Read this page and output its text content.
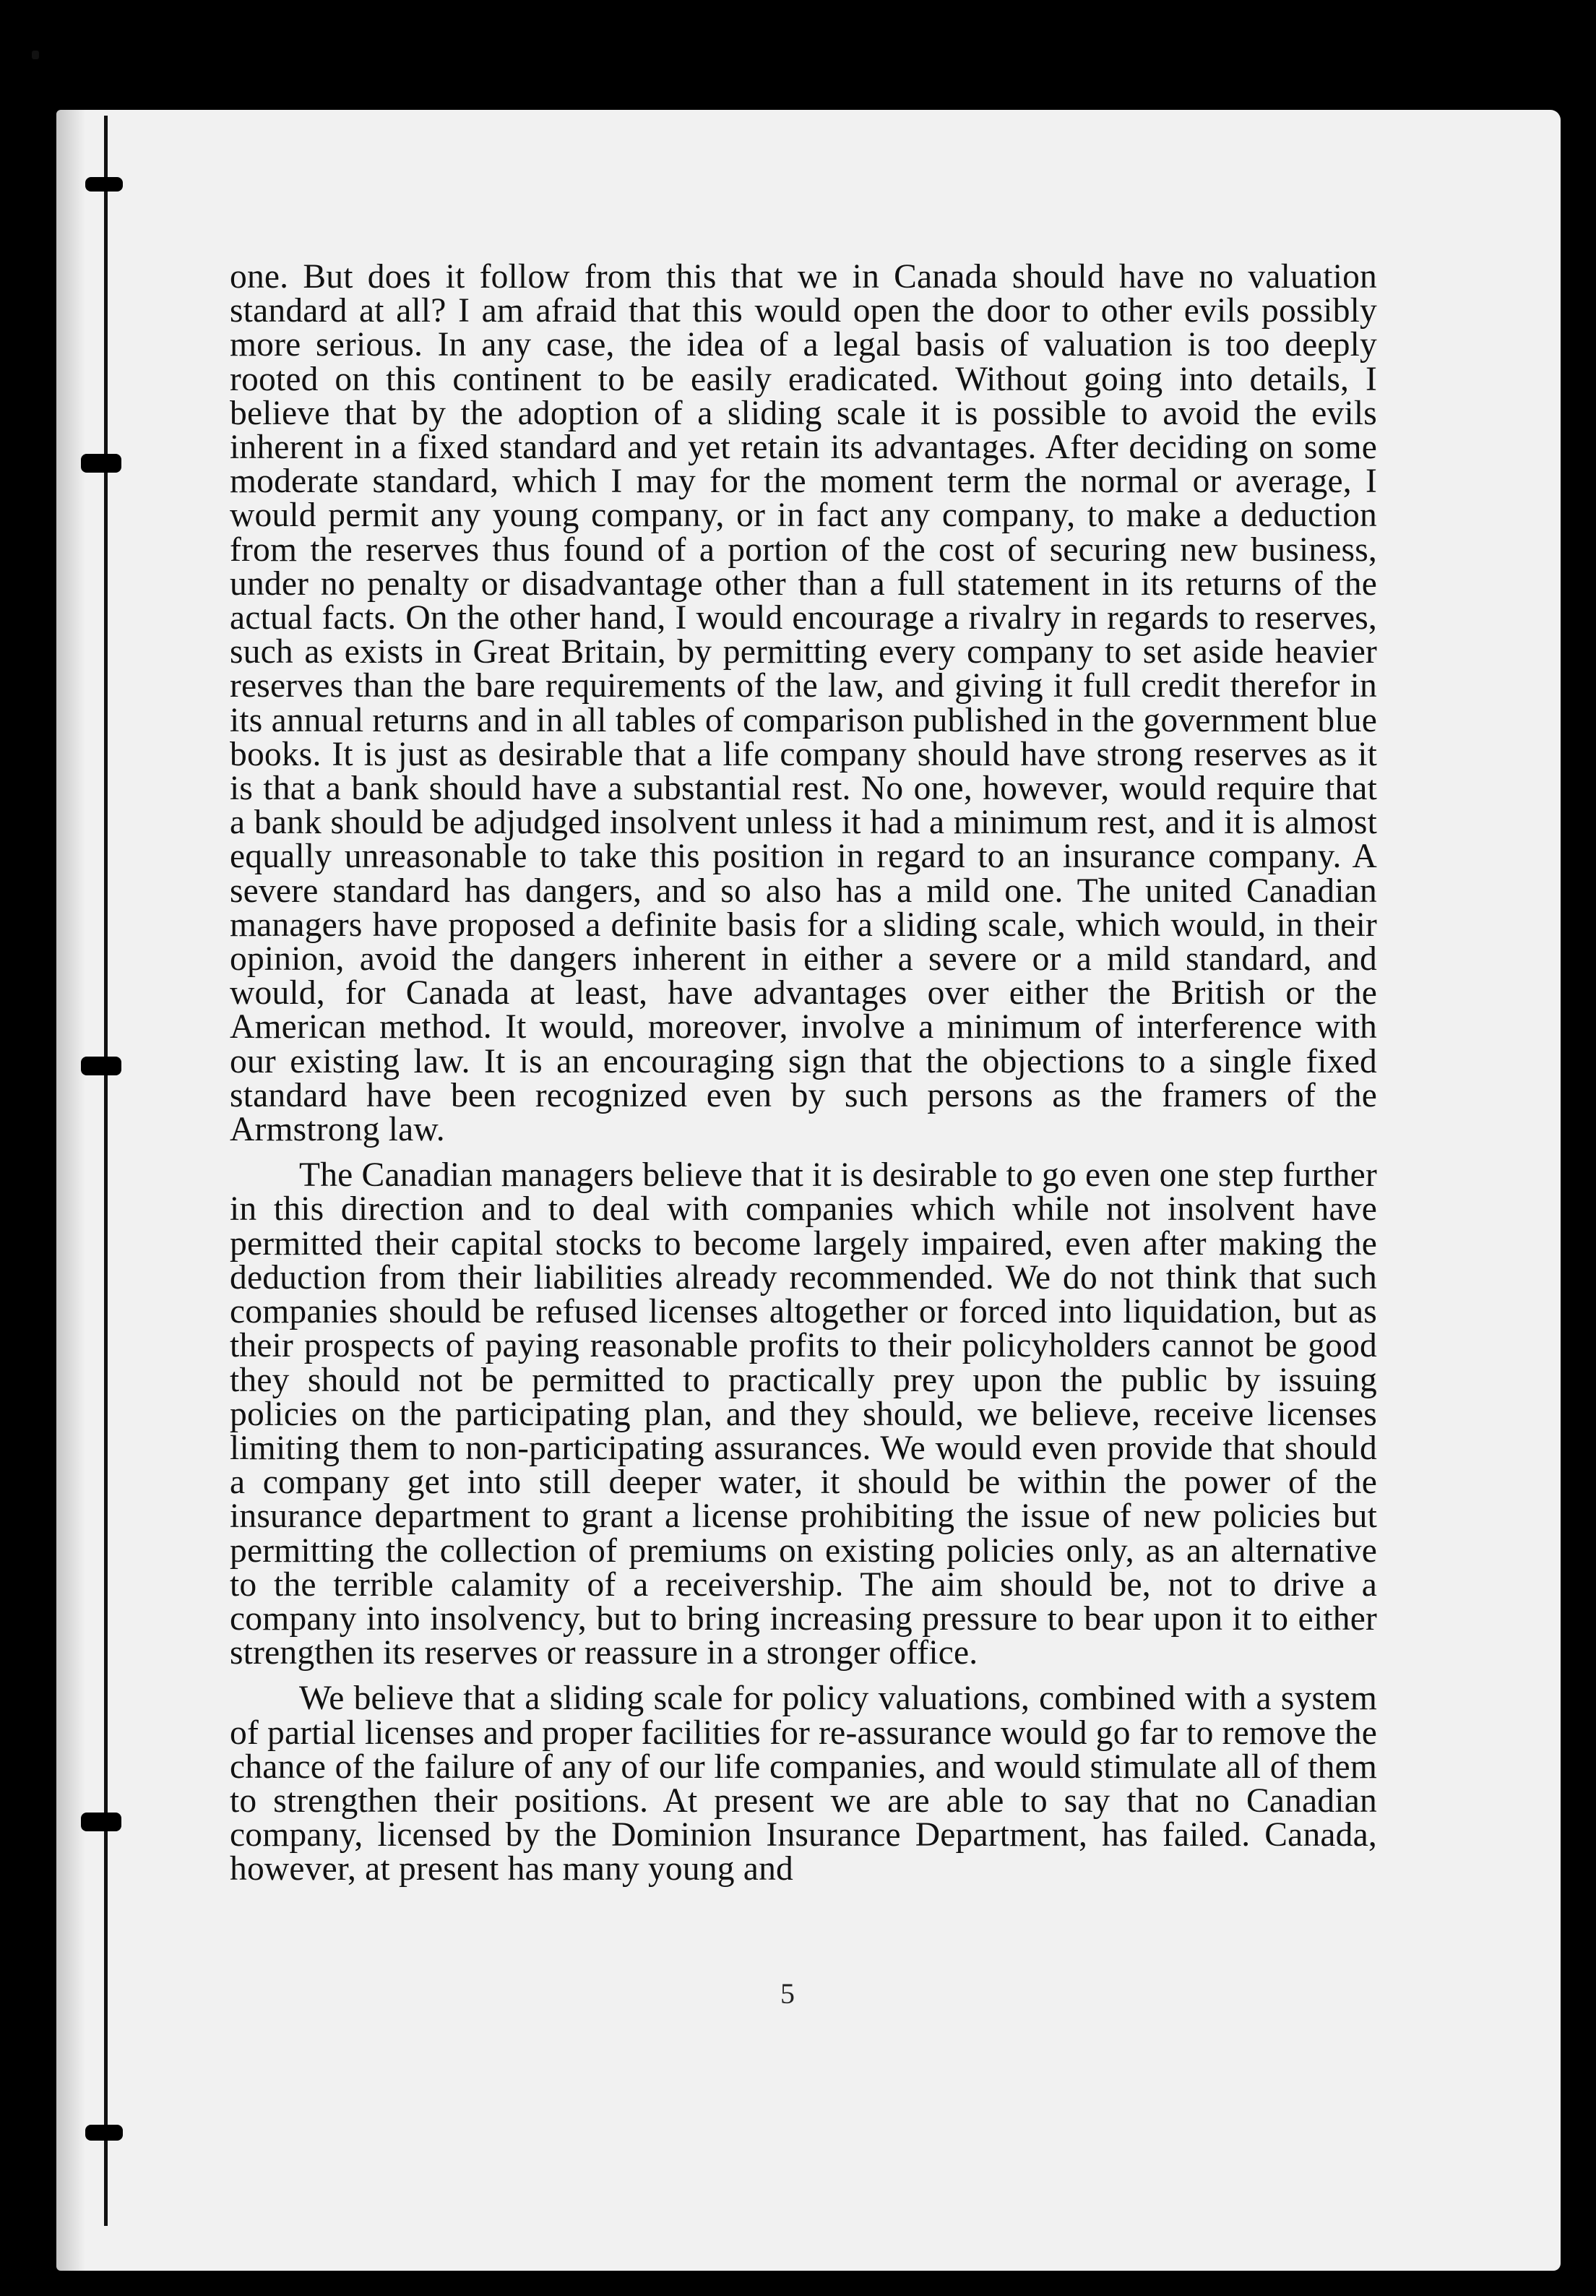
one. But does it follow from this that we in Canada should have no valuation standard at all? I am afraid that this would open the door to other evils possibly more serious. In any case, the idea of a legal basis of valuation is too deeply rooted on this continent to be easily eradicated. Without going into details, I believe that by the adoption of a sliding scale it is possible to avoid the evils inherent in a fixed standard and yet retain its advantages. After deciding on some moderate standard, which I may for the moment term the normal or average, I would permit any young company, or in fact any company, to make a deduction from the reserves thus found of a portion of the cost of securing new business, under no penalty or disadvantage other than a full statement in its returns of the actual facts. On the other hand, I would encourage a rivalry in regards to reserves, such as exists in Great Britain, by permitting every company to set aside heavier reserves than the bare requirements of the law, and giving it full credit therefor in its annual returns and in all tables of comparison published in the government blue books. It is just as desirable that a life company should have strong reserves as it is that a bank should have a substantial rest. No one, however, would require that a bank should be adjudged insolvent unless it had a minimum rest, and it is almost equally unreasonable to take this position in regard to an insurance company. A severe standard has dangers, and so also has a mild one. The united Canadian managers have proposed a definite basis for a sliding scale, which would, in their opinion, avoid the dangers inherent in either a severe or a mild standard, and would, for Canada at least, have advantages over either the British or the American method. It would, moreover, involve a minimum of interference with our existing law. It is an encouraging sign that the objections to a single fixed standard have been recognized even by such persons as the framers of the Armstrong law.

The Canadian managers believe that it is desirable to go even one step further in this direction and to deal with companies which while not insolvent have permitted their capital stocks to become largely impaired, even after making the deduction from their liabilities already recommended. We do not think that such companies should be refused licenses altogether or forced into liquidation, but as their prospects of paying reasonable profits to their policyholders cannot be good they should not be permitted to practically prey upon the public by issuing policies on the participating plan, and they should, we believe, receive licenses limiting them to non-participating assurances. We would even provide that should a company get into still deeper water, it should be within the power of the insurance department to grant a license prohibiting the issue of new policies but permitting the collection of premiums on existing policies only, as an alternative to the terrible calamity of a receivership. The aim should be, not to drive a company into insolvency, but to bring increasing pressure to bear upon it to either strengthen its reserves or reassure in a stronger office.

We believe that a sliding scale for policy valuations, combined with a system of partial licenses and proper facilities for re-assurance would go far to remove the chance of the failure of any of our life companies, and would stimulate all of them to strengthen their positions. At present we are able to say that no Canadian company, licensed by the Dominion Insurance Department, has failed. Canada, however, at present has many young and

5
